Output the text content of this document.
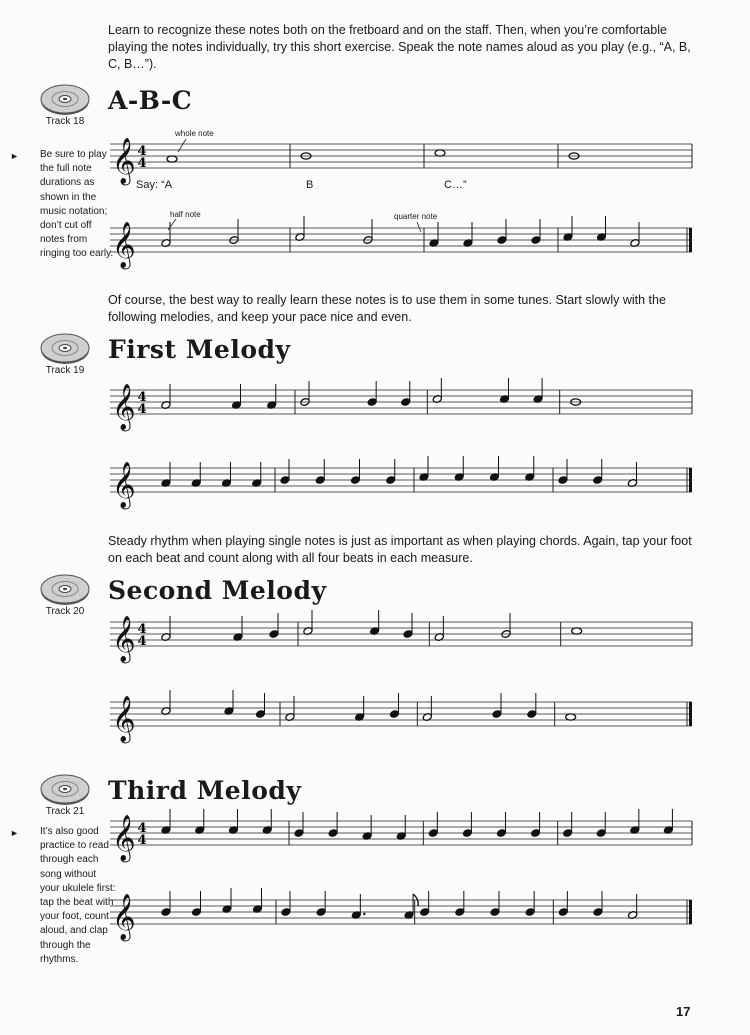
Learn to recognize these notes both on the fretboard and on the staff. Then, when you’re comfortable playing the notes individually, try this short exercise. Speak the note names aloud as you play (e.g., “A, B, C, B…”).

Track 18
A-B-C
► Be sure to play the full note durations as shown in the music notation; don’t cut off notes from ringing too early.
Say: “A	B	C…”
whole note
half note	quarter note

Of course, the best way to really learn these notes is to use them in some tunes. Start slowly with the following melodies, and keep your pace nice and even.

Track 19
First Melody

Steady rhythm when playing single notes is just as important as when playing chords. Again, tap your foot on each beat and count along with all four beats in each measure.

Track 20
Second Melody
Track 21
Third Melody
► It’s also good practice to read through each song without your ukulele first: tap the beat with your foot, count aloud, and clap through the rhythms.
17
𝄞 4
4
𝄞
𝄞 4
4
𝄞
𝄞 4
4
𝄞
𝄞 4
4
𝄞
